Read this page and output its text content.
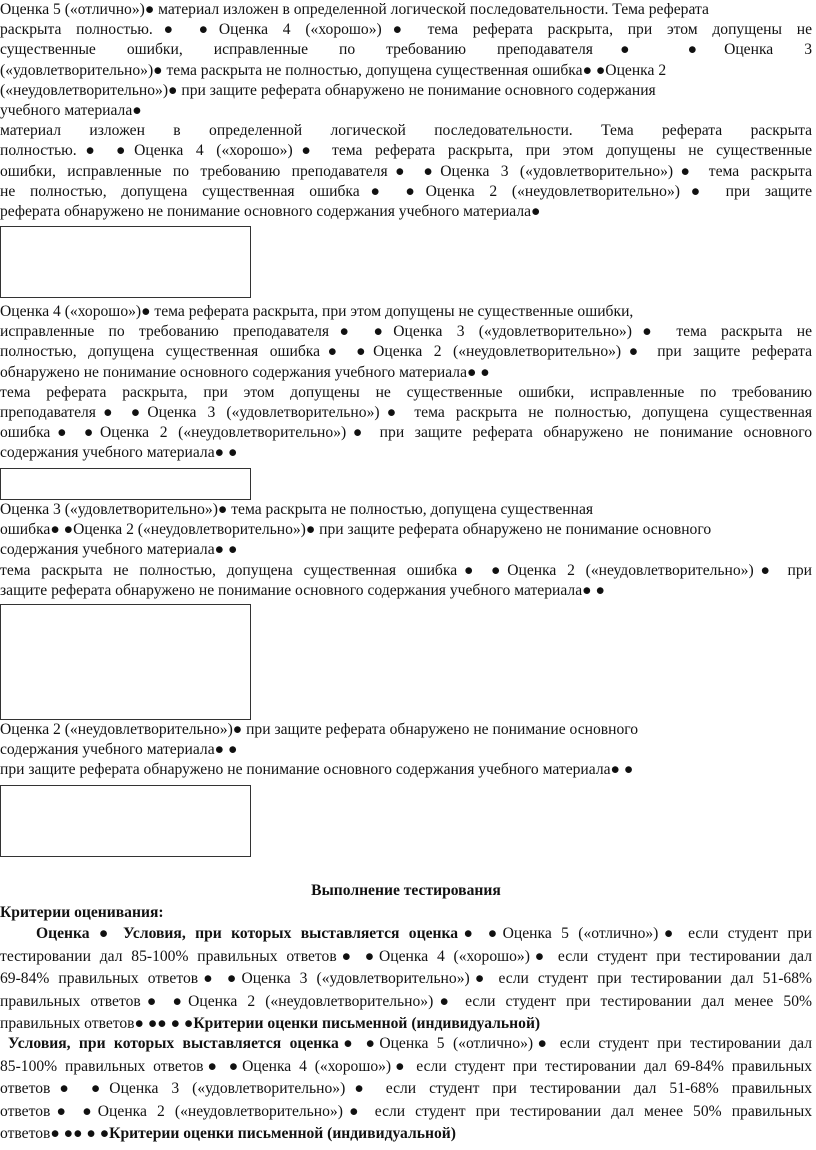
Оценка 5 («отлично»)● материал изложен в определенной логической последовательности. Тема реферата
раскрыта полностью.● ●Оценка 4 («хорошо»)● тема реферата раскрыта, при этом допущены не
существенные ошибки, исправленные по требованию преподавателя● ●Оценка 3
(«удовлетворительно»)● тема раскрыта не полностью, допущена существенная ошибка● ●Оценка 2
(«неудовлетворительно»)● при защите реферата обнаружено не понимание основного содержания
учебного материала●
материал изложен в определенной логической последовательности. Тема реферата раскрыта
полностью.● ●Оценка 4 («хорошо»)● тема реферата раскрыта, при этом допущены не существенные
ошибки, исправленные по требованию преподавателя● ●Оценка 3 («удовлетворительно»)● тема раскрыта
не полностью, допущена существенная ошибка● ●Оценка 2 («неудовлетворительно»)● при защите
реферата обнаружено не понимание основного содержания учебного материала●
Оценка 4 («хорошо»)● тема реферата раскрыта, при этом допущены не существенные ошибки,
исправленные по требованию преподавателя● ●Оценка 3 («удовлетворительно»)● тема раскрыта не
полностью, допущена существенная ошибка● ●Оценка 2 («неудовлетворительно»)● при защите реферата
обнаружено не понимание основного содержания учебного материала● ●
тема реферата раскрыта, при этом допущены не существенные ошибки, исправленные по требованию
преподавателя● ●Оценка 3 («удовлетворительно»)● тема раскрыта не полностью, допущена существенная
ошибка● ●Оценка 2 («неудовлетворительно»)● при защите реферата обнаружено не понимание основного
содержания учебного материала● ●
Оценка 3 («удовлетворительно»)● тема раскрыта не полностью, допущена существенная
ошибка● ●Оценка 2 («неудовлетворительно»)● при защите реферата обнаружено не понимание основного
содержания учебного материала● ●
тема раскрыта не полностью, допущена существенная ошибка● ●Оценка 2 («неудовлетворительно»)● при
защите реферата обнаружено не понимание основного содержания учебного материала● ●
Оценка 2 («неудовлетворительно»)● при защите реферата обнаружено не понимание основного
содержания учебного материала● ●
при защите реферата обнаружено не понимание основного содержания учебного материала● ●
Выполнение тестирования
Критерии оценивания:
Оценка ● Условия, при которых выставляется оценка● ●Оценка 5 («отлично»)● если студент при
тестировании дал 85-100% правильных ответов● ●Оценка 4 («хорошо»)● если студент при тестировании дал
69-84% правильных ответов● ●Оценка 3 («удовлетворительно»)● если студент при тестировании дал 51-68%
правильных ответов● ●Оценка 2 («неудовлетворительно»)● если студент при тестировании дал менее 50%
правильных ответов● ●● ● ●Критерии оценки письменной (индивидуальной)
Условия, при которых выставляется оценка● ●Оценка 5 («отлично»)● если студент при тестировании дал
85-100% правильных ответов● ●Оценка 4 («хорошо»)● если студент при тестировании дал 69-84% правильных
ответов● ●Оценка 3 («удовлетворительно»)● если студент при тестировании дал 51-68% правильных
ответов● ●Оценка 2 («неудовлетворительно»)● если студент при тестировании дал менее 50% правильных
ответов● ●● ● ●Критерии оценки письменной (индивидуальной)
